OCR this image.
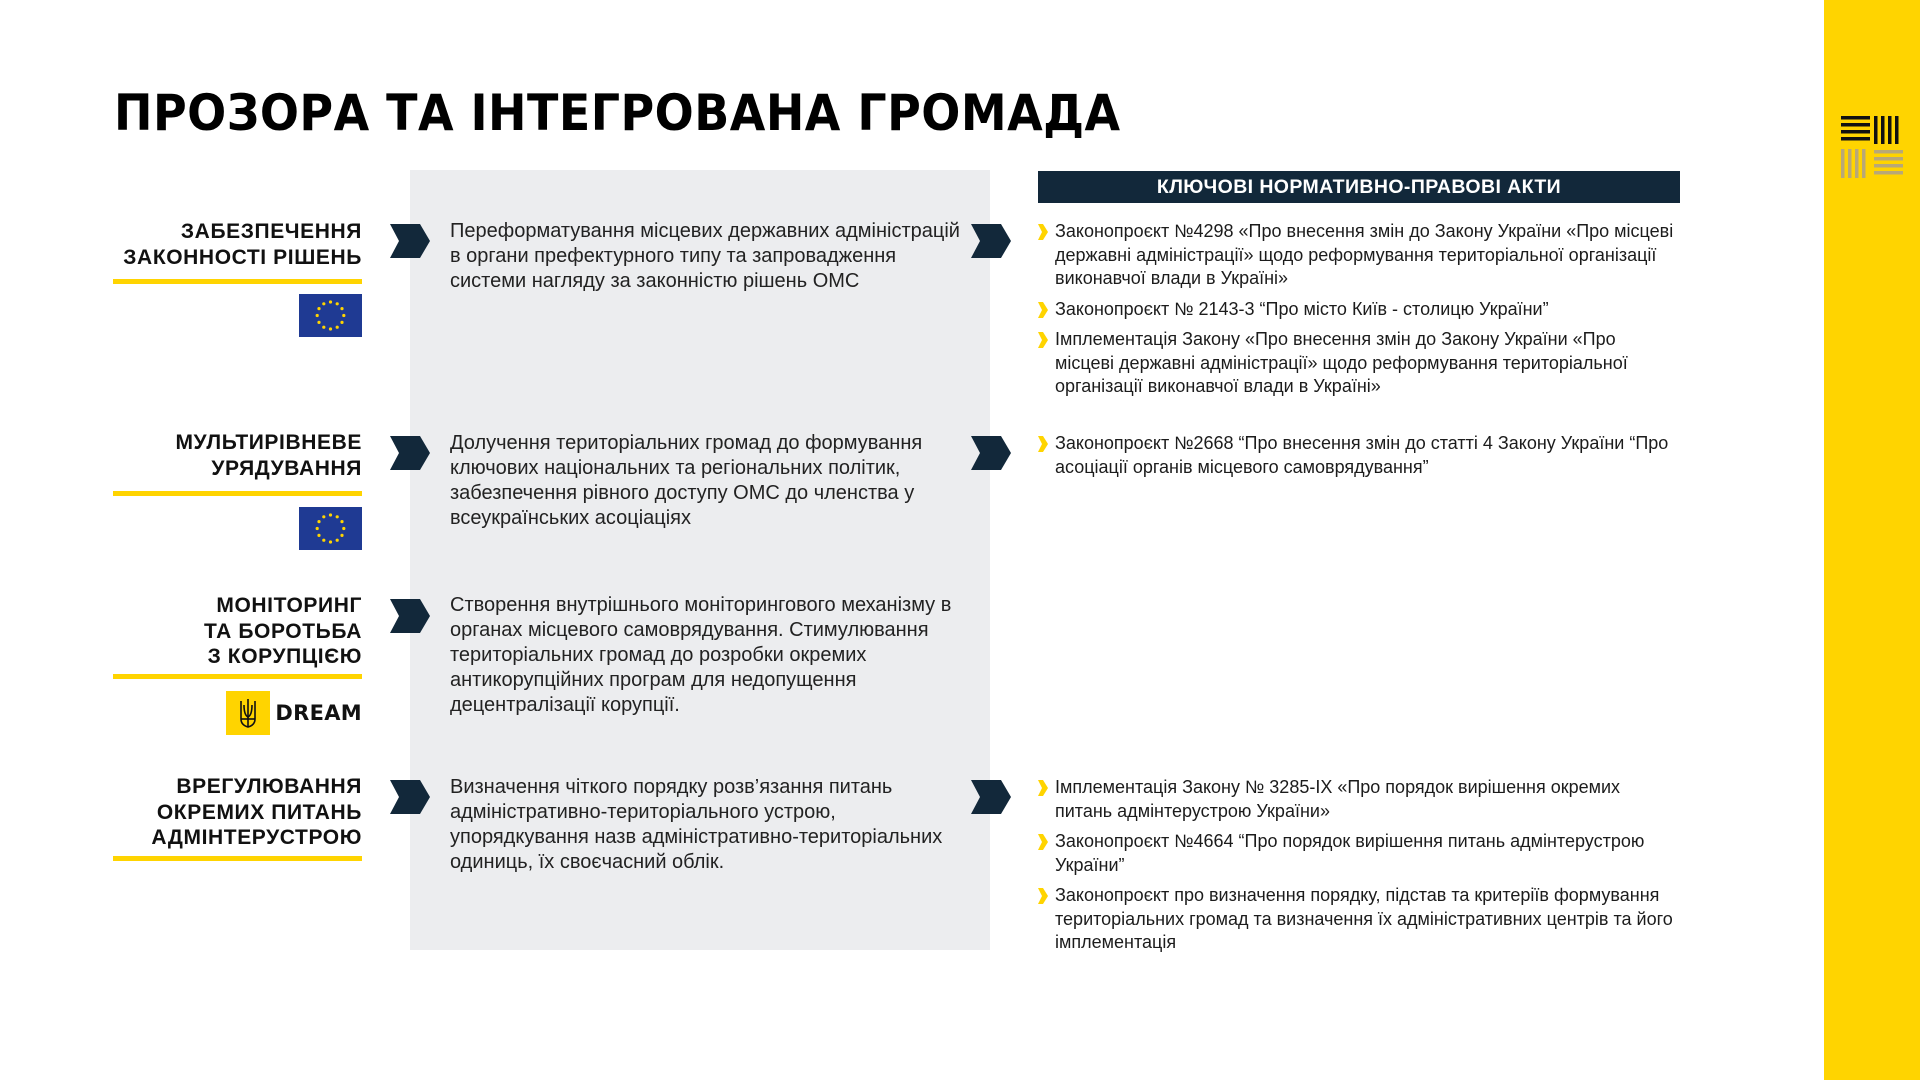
ПРОЗОРА ТА ІНТЕГРОВАНА ГРОМАДА
ЗАБЕЗПЕЧЕННЯ
ЗАКОННОСТІ РІШЕНЬ
Переформатування місцевих державних адміністрацій в органи префектурного типу та запровадження системи нагляду за законністю рішень ОМС
КЛЮЧОВІ НОРМАТИВНО-ПРАВОВІ АКТИ
Законопроєкт №4298 «Про внесення змін до Закону України «Про місцеві державні адміністрації» щодо реформування територіальної організації виконавчої влади в Україні»
Законопроєкт № 2143-3 “Про місто Київ - столицю України”
Імплементація Закону «Про внесення змін до Закону України «Про місцеві державні адміністрації» щодо реформування територіальної організації виконавчої влади в Україні»
МУЛЬТИРІВНЕВЕ
УРЯДУВАННЯ
Долучення територіальних громад до формування ключових національних та регіональних політик, забезпечення рівного доступу ОМС до членства у всеукраїнських асоціаціях
Законопроєкт №2668 “Про внесення змін до статті 4 Закону України “Про асоціації органів місцевого самоврядування”
МОНІТОРИНГ
ТА БОРОТЬБА
З КОРУПЦІЄЮ
DREAM
Створення внутрішнього моніторингового механізму в органах місцевого самоврядування. Стимулювання територіальних громад до розробки окремих антикорупційних програм для недопущення децентралізації корупції.
ВРЕГУЛЮВАННЯ
ОКРЕМИХ ПИТАНЬ
АДМІНТЕРУСТРОЮ
Визначення чіткого порядку розв’язання питань адміністративно-територіального устрою, упорядкування назв адміністративно-територіальних одиниць, їх своєчасний облік.
Імплементація Закону № 3285-ІХ «Про порядок вирішення окремих питань адмінтерустрою України»
Законопроєкт №4664 “Про порядок вирішення питань адмінтерустрою України”
Законопроєкт про визначення порядку, підстав та критеріїв формування територіальних громад та визначення їх адміністративних центрів та його імплементація
